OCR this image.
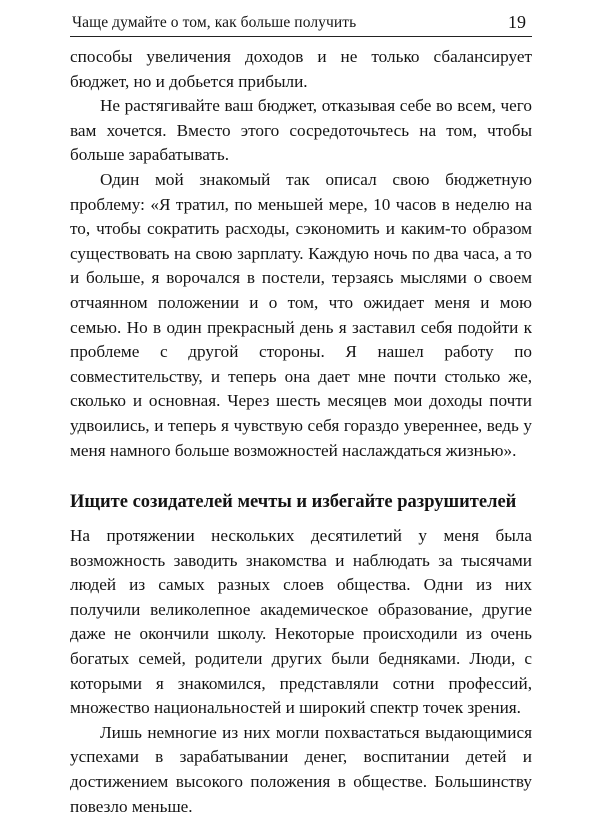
Чаще думайте о том, как больше получить	19

способы увеличения доходов и не только сбалансирует бюджет, но и добьется прибыли.

Не растягивайте ваш бюджет, отказывая себе во всем, чего вам хочется. Вместо этого сосредоточьтесь на том, чтобы больше зарабатывать.

Один мой знакомый так описал свою бюджетную проблему: «Я тратил, по меньшей мере, 10 часов в неделю на то, чтобы сократить расходы, сэкономить и каким-то образом существовать на свою зарплату. Каждую ночь по два часа, а то и больше, я ворочался в постели, терзаясь мыслями о своем отчаянном положении и о том, что ожидает меня и мою семью. Но в один прекрасный день я заставил себя подойти к проблеме с другой стороны. Я нашел работу по совместительству, и теперь она дает мне почти столько же, сколько и основная. Через шесть месяцев мои доходы почти удвоились, и теперь я чувствую себя гораздо увереннее, ведь у меня намного больше возможностей наслаждаться жизнью».

Ищите созидателей мечты и избегайте разрушителей

На протяжении нескольких десятилетий у меня была возможность заводить знакомства и наблюдать за тысячами людей из самых разных слоев общества. Одни из них получили великолепное академическое образование, другие даже не окончили школу. Некоторые происходили из очень богатых семей, родители других были бедняками. Люди, с которыми я знакомился, представляли сотни профессий, множество национальностей и широкий спектр точек зрения.

Лишь немногие из них могли похвастаться выдающимися успехами в зарабатывании денег, воспитании детей и достижением высокого положения в обществе. Большинству повезло меньше.
